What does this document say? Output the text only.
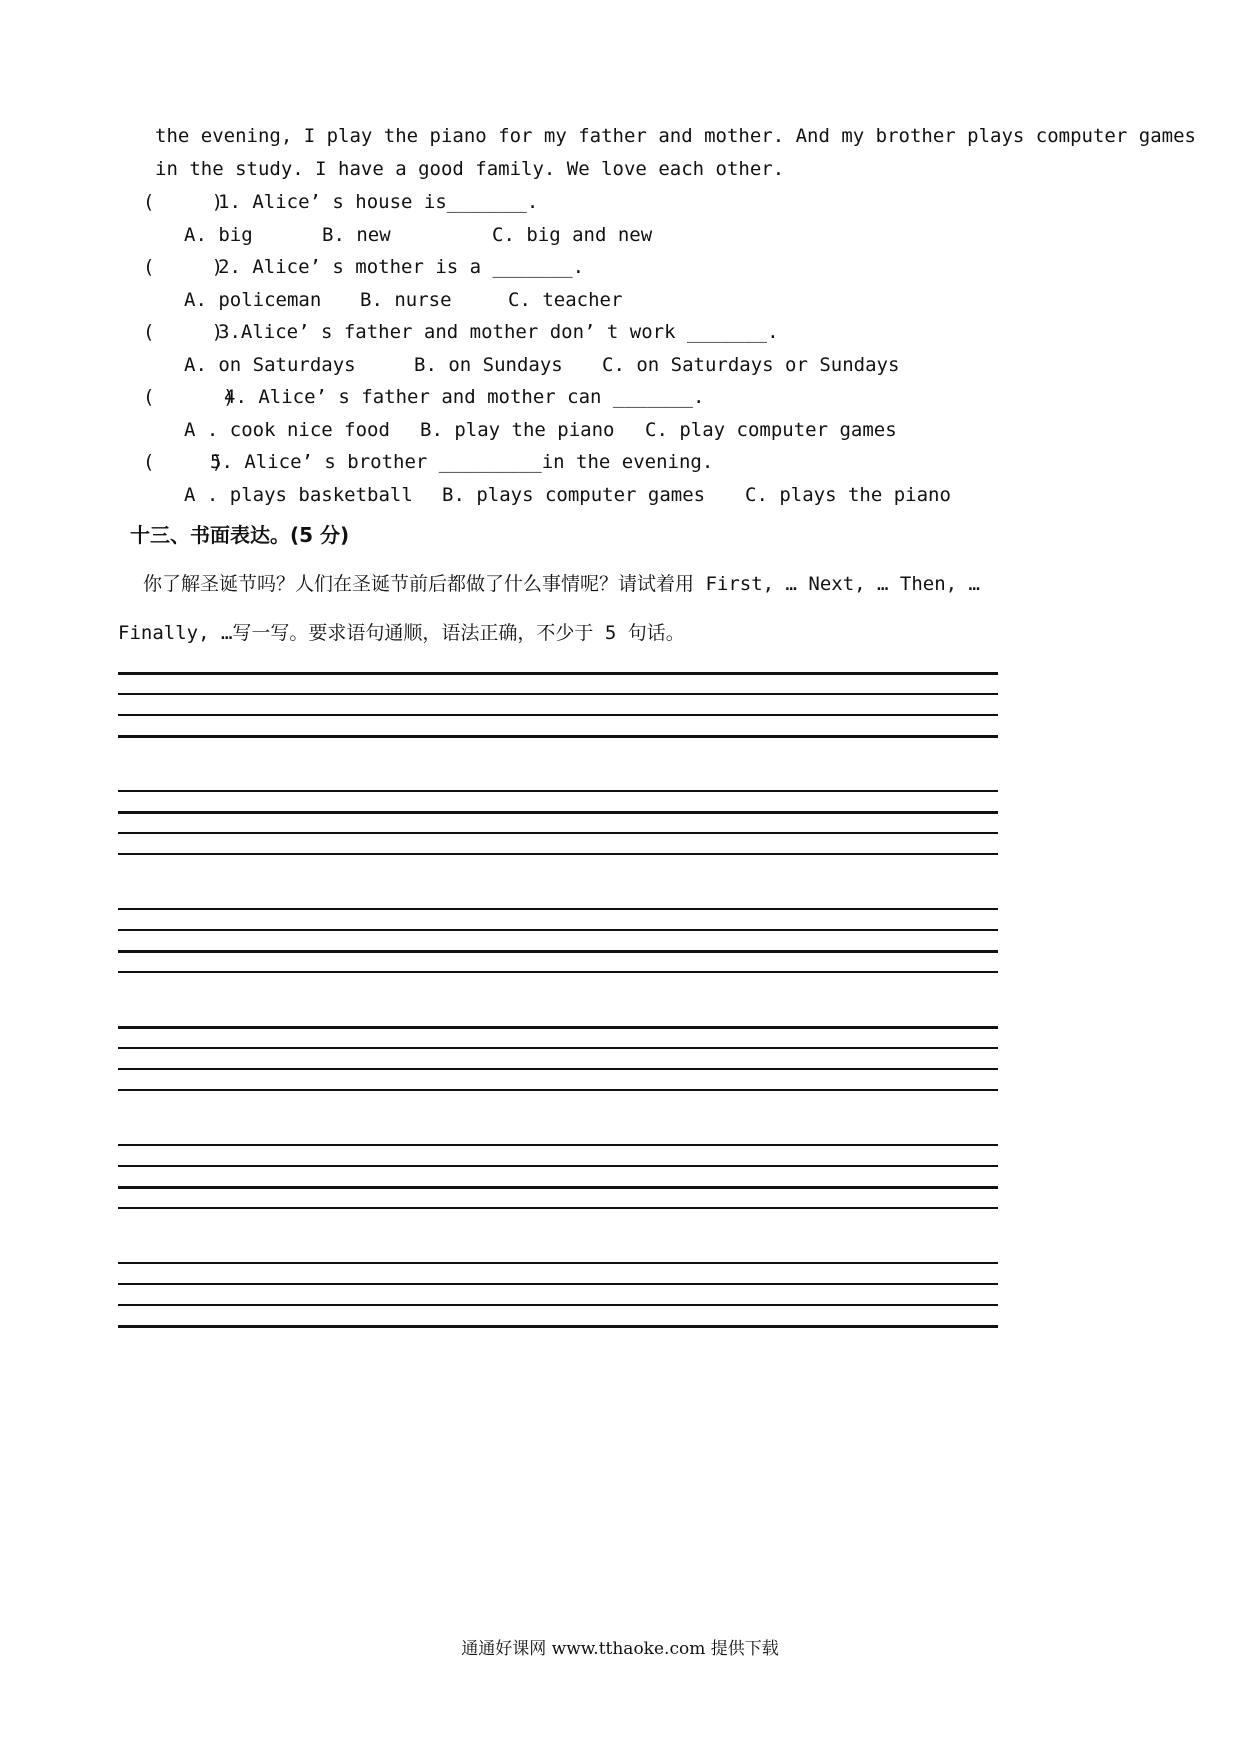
the evening, I play the piano for my father and mother. And my brother plays computer games
in the study. I have a good family. We love each other.
(     )
1. Alice’ s house is_______.
A. big	B. new	C. big and new
(     )
2. Alice’ s mother is a _______.
A. policeman B. nurse	C. teacher
(     )
3.Alice’ s father and mother don’ t work _______.
A. on Saturdays	B. on Sundays C. on Saturdays or Sundays
(      )
4. Alice’ s father and mother can _______.
A . cook nice food B. play the piano C. play computer games
(     )
5. Alice’ s brother _________in the evening.
A . plays basketball B. plays computer games C. plays the piano
十三、书面表达。(5 分)
你了解圣诞节吗？人们在圣诞节前后都做了什么事情呢？请试着用 First, … Next, … Then, …
Finally, …写一写。要求语句通顺，语法正确，不少于 5 句话。
通通好课网 www.tthaoke.com 提供下载
